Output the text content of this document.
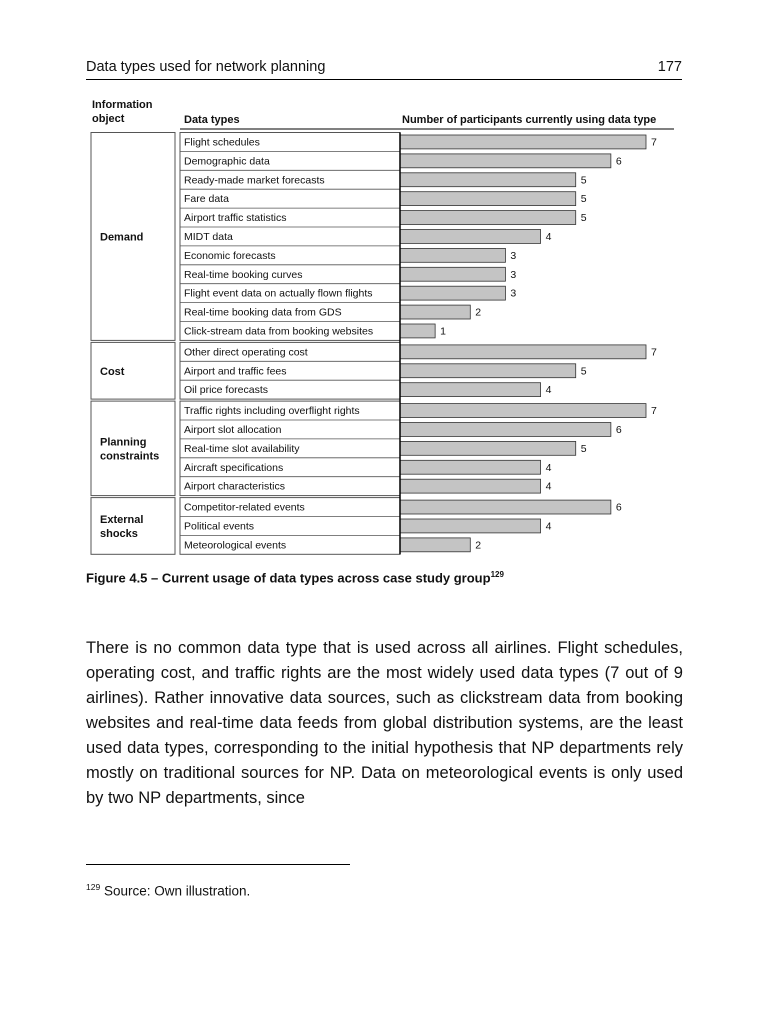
Data types used for network planning	177
Information
object	Data types	Number of participants currently using data type
Demand
Flight schedules	7
Demographic data	6
Ready-made market forecasts	5
Fare data	5
Airport traffic statistics	5
MIDT data	4
Economic forecasts	3
Real-time booking curves	3
Flight event data on actually flown flights	3
Real-time booking data from GDS	2
Click-stream data from booking websites	1
Cost
Other direct operating cost	7
Airport and traffic fees	5
Oil price forecasts	4
Planning
constraints
Traffic rights including overflight rights	7
Airport slot allocation	6
Real-time slot availability	5
Aircraft specifications	4
Airport characteristics	4
External
shocks
Competitor-related events	6
Political events	4
Meteorological events	2
Figure 4.5 – Current usage of data types across case study group$^{129}$
There is no common data type that is used across all airlines. Flight schedules, operating cost, and traffic rights are the most widely used data types (7 out of 9 airlines). Rather innovative data sources, such as clickstream data from booking websites and real-time data feeds from global distribution systems, are the least used data types, corresponding to the initial hypothesis that NP departments rely mostly on traditional sources for NP. Data on meteorological events is only used by two NP departments, since
$^{129}$ Source: Own illustration.
